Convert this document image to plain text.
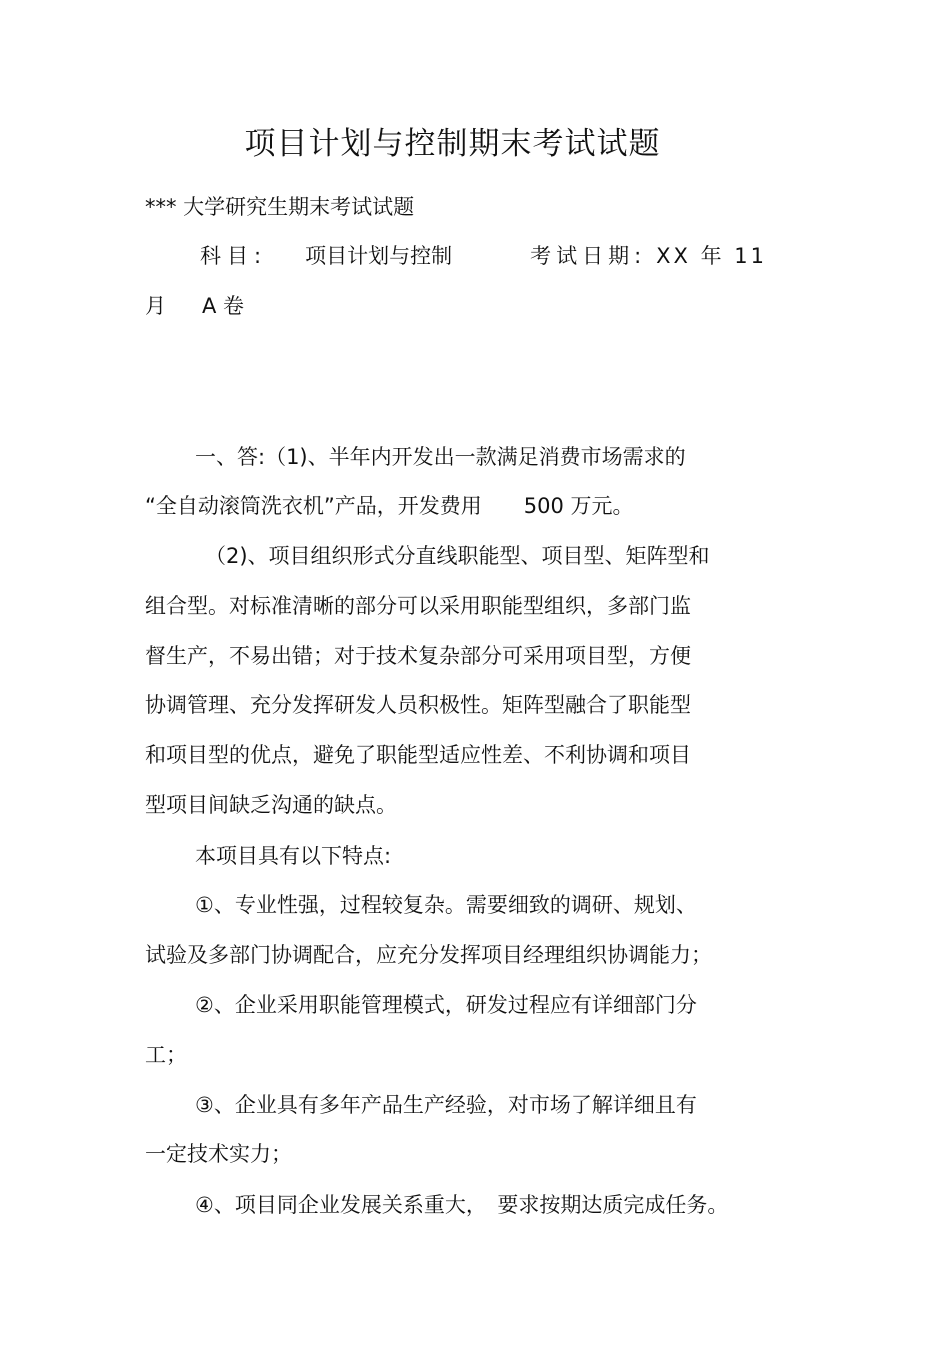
项目计划与控制期末考试试题
*** 大学研究生期末考试试题
科目: 项目计划与控制	考试日期: XX 年 11
月 A 卷
一、答:（1)、半年内开发出一款满足消费市场需求的
“全自动滚筒洗衣机”产品，开发费用　　500 万元。
（2)、项目组织形式分直线职能型、项目型、矩阵型和
组合型。对标准清晰的部分可以采用职能型组织，多部门监
督生产，不易出错；对于技术复杂部分可采用项目型，方便
协调管理、充分发挥研发人员积极性。矩阵型融合了职能型
和项目型的优点，避免了职能型适应性差、不利协调和项目
型项目间缺乏沟通的缺点。
本项目具有以下特点:
①、专业性强，过程较复杂。需要细致的调研、规划、
试验及多部门协调配合，应充分发挥项目经理组织协调能力；
②、企业采用职能管理模式，研发过程应有详细部门分
工；
③、企业具有多年产品生产经验，对市场了解详细且有
一定技术实力；
④、项目同企业发展关系重大，　要求按期达质完成任务。
